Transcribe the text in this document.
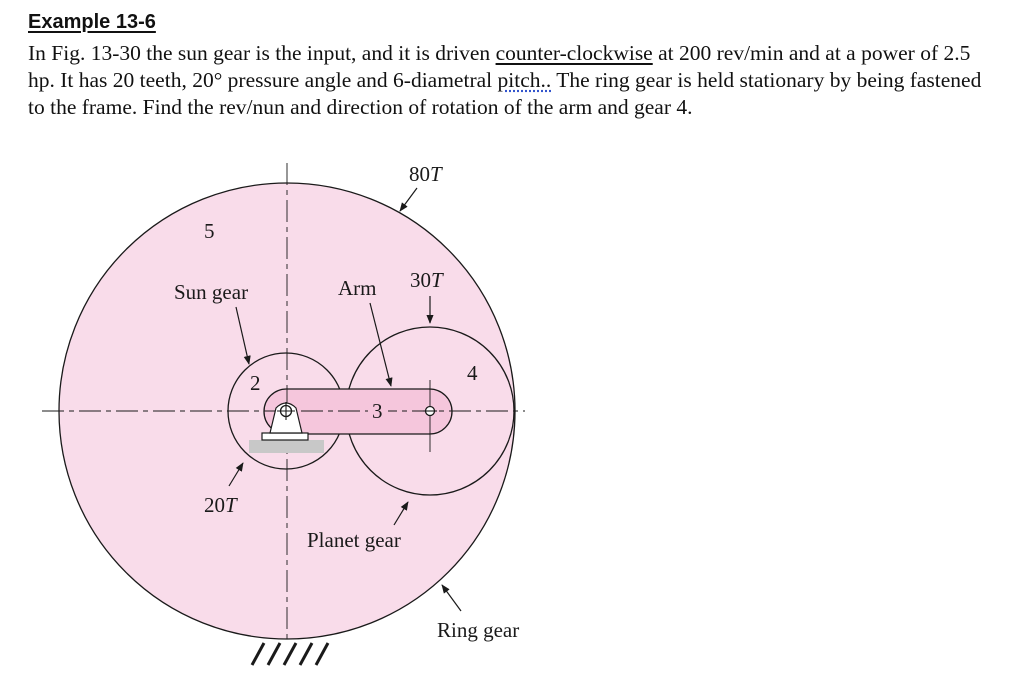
Example 13-6

In Fig. 13-30 the sun gear is the input, and it is driven counter-clockwise at 200 rev/min and at a power of 2.5 hp. It has 20 teeth, 20° pressure angle and 6-diametral pitch.. The ring gear is held stationary by being fastened to the frame. Find the rev/nun and direction of rotation of the arm and gear 4.

5
80T
Sun gear	Arm 30T
4
2
3
20T
Planet gear
Ring gear
